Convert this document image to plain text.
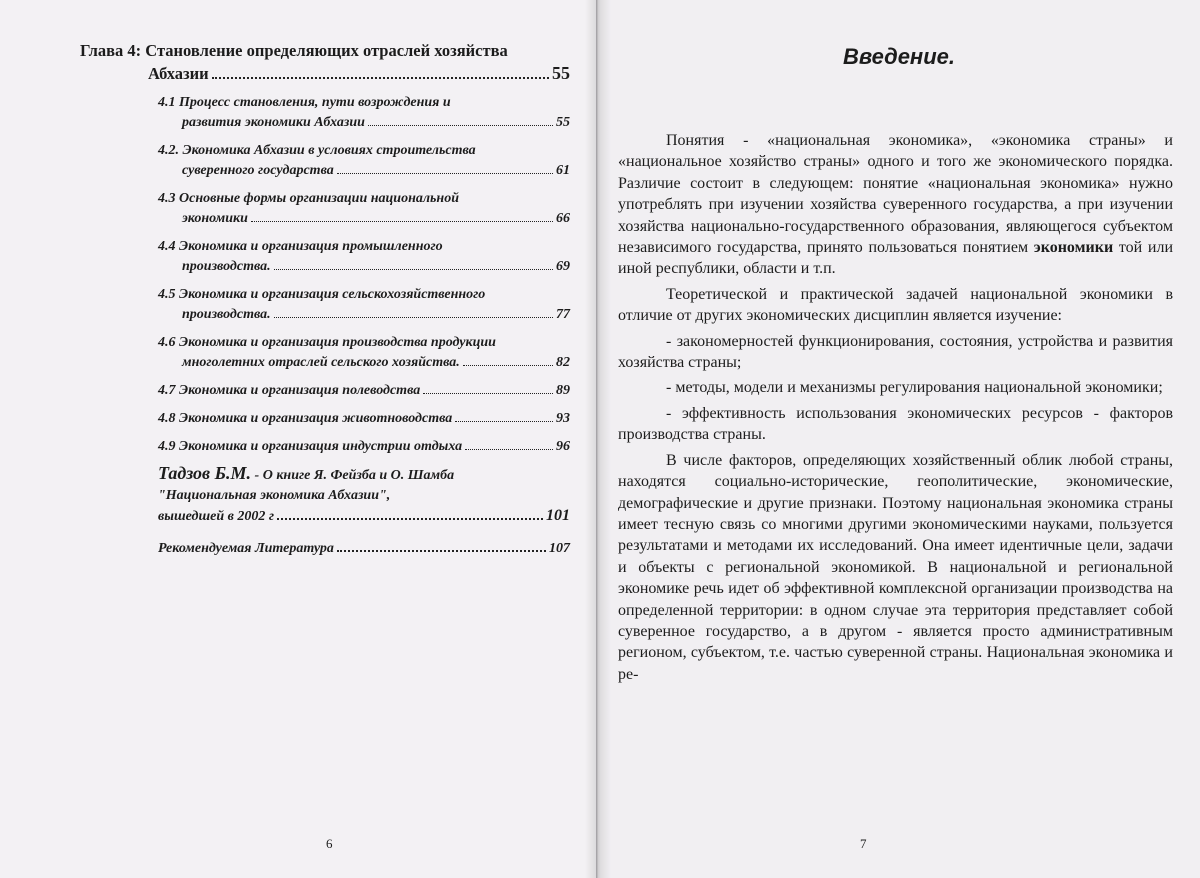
Глава 4: Становление определяющих отраслей хозяйства
Абхазии	55
4.1 Процесс становления, пути возрождения и
развития экономики Абхазии	55
4.2. Экономика Абхазии в условиях строительства
суверенного государства	61
4.3 Основные формы организации национальной
экономики	66
4.4 Экономика и организация промышленного
производства.	69
4.5 Экономика и организация сельскохозяйственного
производства.	77
4.6 Экономика и организация производства продукции
многолетних отраслей сельского хозяйства.	82
4.7 Экономика и организация полеводства	89
4.8 Экономика и организация животноводства	93
4.9 Экономика и организация индустрии отдыха	96
Тадзов Б.М. - О книге Я. Фейзба и О. Шамба
"Национальная экономика Абхазии",
вышедшей в 2002 г	101
Рекомендуемая Литература	107
6
Введение.

Понятия - «национальная экономика», «экономика страны» и «национальное хозяйство страны» одного и того же экономического порядка. Различие состоит в следующем: понятие «национальная экономика» нужно употреблять при изучении хозяйства суверенного государства, а при изучении хозяйства национально-государственного образования, являющегося субъектом независимого государства, принято пользоваться понятием экономики той или иной республики, области и т.п.

Теоретической и практической задачей национальной экономики в отличие от других экономических дисциплин является изучение:

- закономерностей функционирования, состояния, устройства и развития хозяйства страны;

- методы, модели и механизмы регулирования национальной экономики;

- эффективность использования экономических ресурсов - факторов производства страны.

В числе факторов, определяющих хозяйственный облик любой страны, находятся социально-исторические, геополитические, экономические, демографические и другие признаки. Поэтому национальная экономика страны имеет тесную связь со многими другими экономическими науками, пользуется результатами и методами их исследований. Она имеет идентичные цели, задачи и объекты с региональной экономикой. В национальной и региональной экономике речь идет об эффективной комплексной организации производства на определенной территории: в одном случае эта территория представляет собой суверенное государство, а в другом - является просто административным регионом, субъектом, т.е. частью суверенной страны. Национальная экономика и ре-

7
